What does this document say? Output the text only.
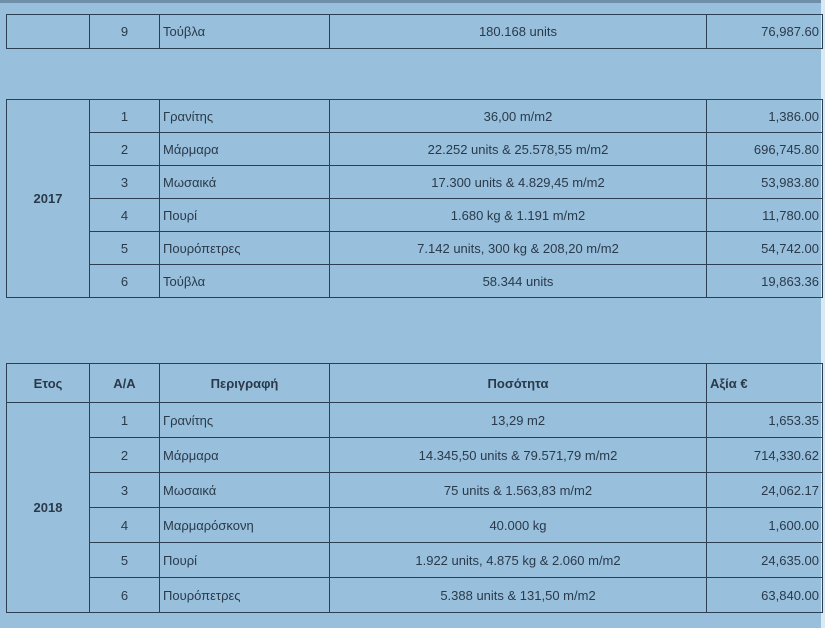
	9	Τούβλα	180.168 units	76,987.60
2017	1	Γρανίτης	36,00 m/m2	1,386.00
	2	Μάρμαρα	22.252 units & 25.578,55 m/m2	696,745.80
	3	Μωσαικά	17.300 units & 4.829,45 m/m2	53,983.80
	4	Πουρί	1.680 kg & 1.191 m/m2	11,780.00
	5	Πουρόπετρες	7.142 units, 300 kg & 208,20 m/m2	54,742.00
	6	Τούβλα	58.344 units	19,863.36
Ετος	Α/Α	Περιγραφή	Ποσότητα	Αξία €
2018	1	Γρανίτης	13,29 m2	1,653.35
	2	Μάρμαρα	14.345,50 units & 79.571,79 m/m2	714,330.62
	3	Μωσαικά	75 units & 1.563,83 m/m2	24,062.17
	4	Μαρμαρόσκονη	40.000 kg	1,600.00
	5	Πουρί	1.922 units, 4.875 kg & 2.060 m/m2	24,635.00
	6	Πουρόπετρες	5.388 units & 131,50 m/m2	63,840.00
